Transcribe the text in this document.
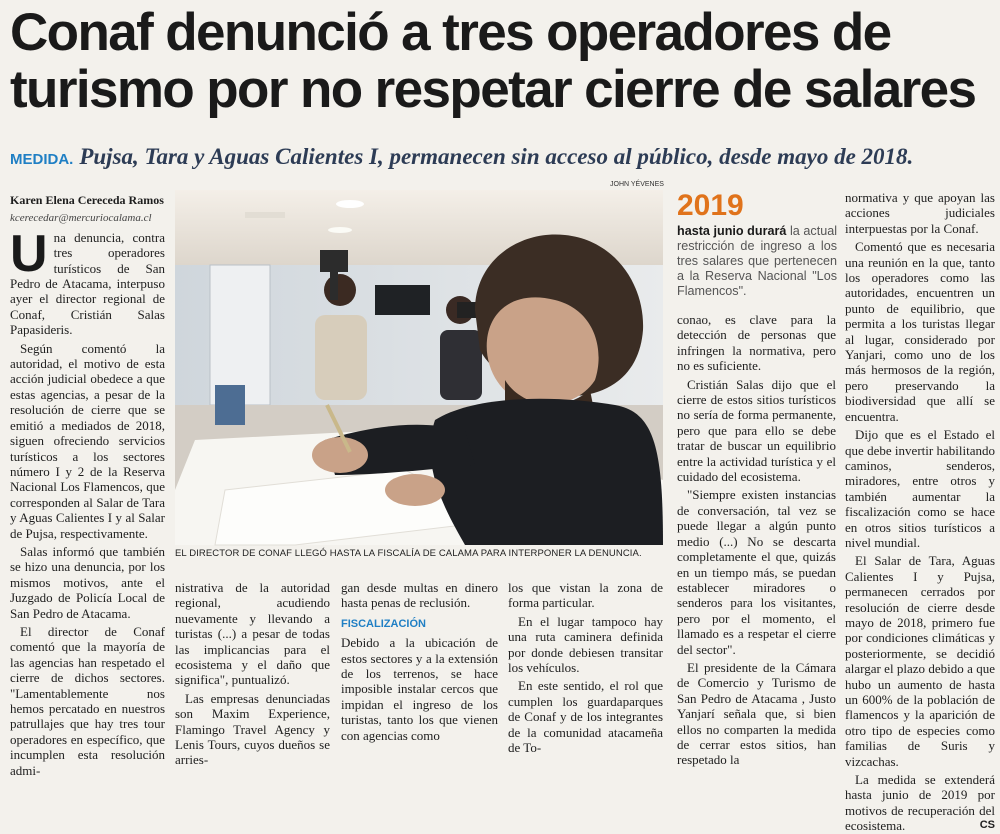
Conaf denunció a tres operadores de turismo por no respetar cierre de salares
MEDIDA. Pujsa, Tara y Aguas Calientes I, permanecen sin acceso al público, desde mayo de 2018.

Karen Elena Cereceda Ramos

kcerecedar@mercuriocalama.cl

Una denuncia, contra tres operadores turísticos de San Pedro de Atacama, interpuso ayer el director regional de Conaf, Cristián Salas Papasideris.

Según comentó la autoridad, el motivo de esta acción judicial obedece a que estas agencias, a pesar de la resolución de cierre que se emitió a mediados de 2018, siguen ofreciendo servicios turísticos a los sectores número I y 2 de la Reserva Nacional Los Flamencos, que corresponden al Salar de Tara y Aguas Calientes I y al Salar de Pujsa, respectivamente.

Salas informó que también se hizo una denuncia, por los mismos motivos, ante el Juzgado de Policía Local de San Pedro de Atacama.

El director de Conaf comentó que la mayoría de las agencias han respetado el cierre de dichos sectores. "Lamentablemente nos hemos percatado en nuestros patrullajes que hay tres tour operadores en específico, que incumplen esta resolución admi-

JOHN YÉVENES
EL DIRECTOR DE CONAF LLEGÓ HASTA LA FISCALÍA DE CALAMA PARA INTERPONER LA DENUNCIA.

nistrativa de la autoridad regional, acudiendo nuevamente y llevando a turistas (...) a pesar de todas las implicancias para el ecosistema y el daño que significa", puntualizó.

Las empresas denunciadas son Maxim Experience, Flamingo Travel Agency y Lenis Tours, cuyos dueños se arries-

gan desde multas en dinero hasta penas de reclusión.

FISCALIZACIÓN

Debido a la ubicación de estos sectores y a la extensión de los terrenos, se hace imposible instalar cercos que impidan el ingreso de los turistas, tanto los que vienen con agencias como

los que vistan la zona de forma particular.

En el lugar tampoco hay una ruta caminera definida por donde debiesen transitar los vehículos.

En este sentido, el rol que cumplen los guardaparques de Conaf y de los integrantes de la comunidad atacameña de To-

2019
hasta junio durará la actual restricción de ingreso a los tres salares que pertenecen a la Reserva Nacional "Los Flamencos".

conao, es clave para la detección de personas que infringen la normativa, pero no es suficiente.

Cristián Salas dijo que el cierre de estos sitios turísticos no sería de forma permanente, pero que para ello se debe tratar de buscar un equilibrio entre la actividad turística y el cuidado del ecosistema.

"Siempre existen instancias de conversación, tal vez se puede llegar a algún punto medio (...) No se descarta completamente el que, quizás en un tiempo más, se puedan establecer miradores o senderos para los visitantes, pero por el momento, el llamado es a respetar el cierre del sector".

El presidente de la Cámara de Comercio y Turismo de San Pedro de Atacama , Justo Yanjarí señala que, si bien ellos no comparten la medida de cerrar estos sitios, han respetado la

normativa y que apoyan las acciones judiciales interpuestas por la Conaf.

Comentó que es necesaria una reunión en la que, tanto los operadores como las autoridades, encuentren un punto de equilibrio, que permita a los turistas llegar al lugar, considerado por Yanjari, como uno de los más hermosos de la región, pero preservando la biodiversidad que allí se encuentra.

Dijo que es el Estado el que debe invertir habilitando caminos, senderos, miradores, entre otros y también aumentar la fiscalización como se hace en otros sitios turísticos a nivel mundial.

El Salar de Tara, Aguas Calientes I y Pujsa, permanecen cerrados por resolución de cierre desde mayo de 2018, primero fue por condiciones climáticas y posteriormente, se decidió alargar el plazo debido a que hubo un aumento de hasta un 600% de la población de flamencos y la aparición de otro tipo de especies como familias de Suris y vizcachas.

La medida se extenderá hasta junio de 2019 por motivos de recuperación del ecosistema.	CS
